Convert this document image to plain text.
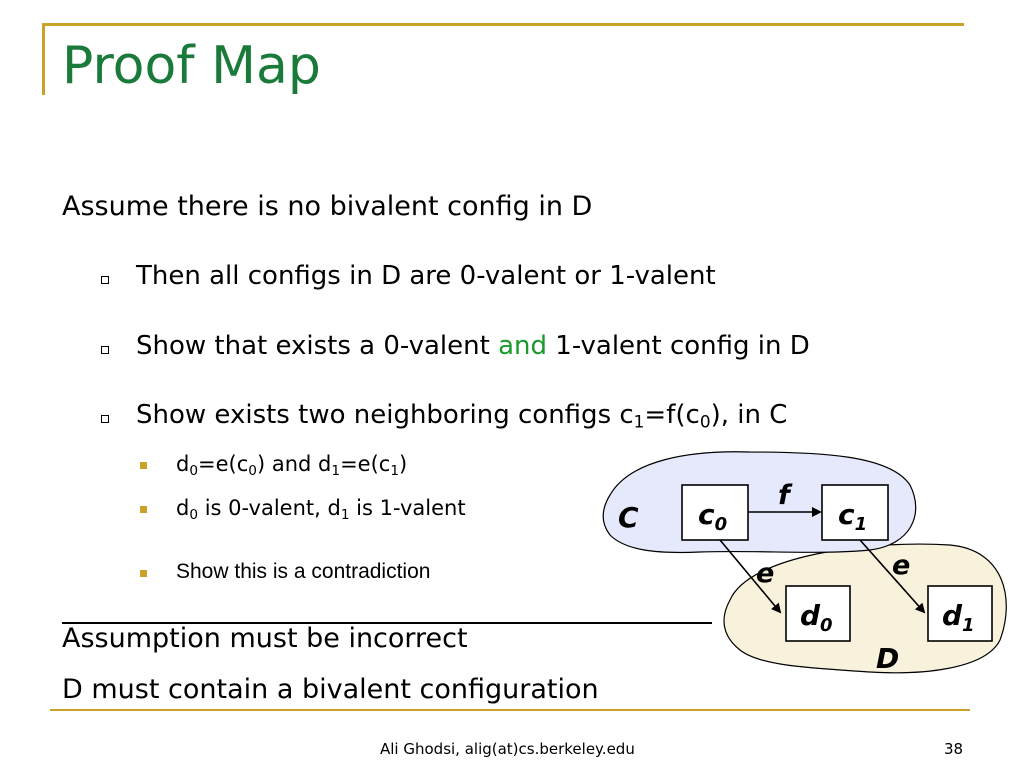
Proof Map
Assume there is no bivalent config in D
Then all configs in D are 0-valent or 1-valent
Show that exists a 0-valent and 1-valent config in D
Show exists two neighboring configs $c_1=f(c_0)$, in C
$d_0=e(c_0)$ and $d_1=e(c_1)$
$d_0$ is 0-valent, $d_1$ is 1-valent
Show this is a contradiction
Assumption must be incorrect
D must contain a bivalent configuration
C
D
f
e	e
$c_0$	$c_1$
$d_0$	$d_1$
Ali Ghodsi, alig(at)cs.berkeley.edu	38
